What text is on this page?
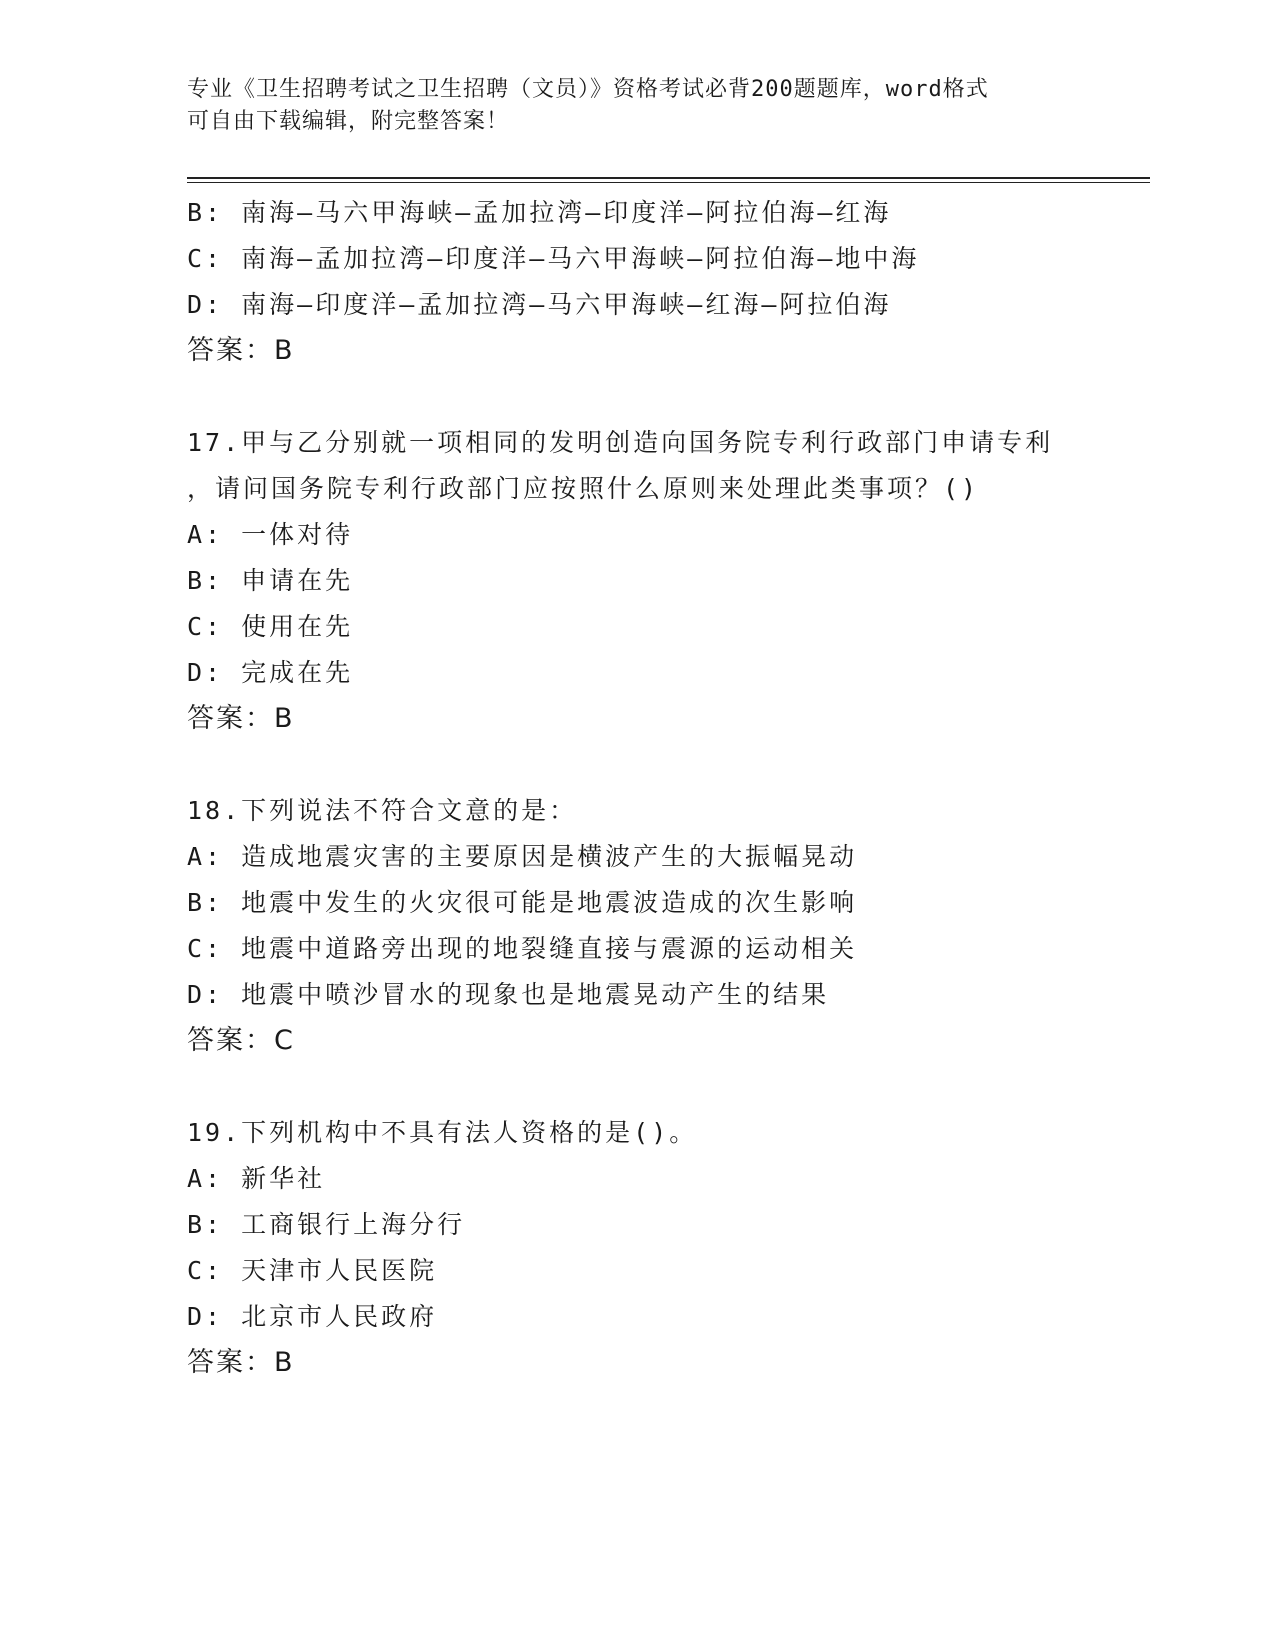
专业《卫生招聘考试之卫生招聘（文员）》资格考试必背200题题库，word格式
可自由下载编辑，附完整答案！
B: 南海—马六甲海峡—孟加拉湾—印度洋—阿拉伯海—红海
C: 南海—孟加拉湾—印度洋—马六甲海峡—阿拉伯海—地中海
D: 南海—印度洋—孟加拉湾—马六甲海峡—红海—阿拉伯海
答案：B
17.甲与乙分别就一项相同的发明创造向国务院专利行政部门申请专利
，请问国务院专利行政部门应按照什么原则来处理此类事项？()
A: 一体对待
B: 申请在先
C: 使用在先
D: 完成在先
答案：B
18.下列说法不符合文意的是：
A: 造成地震灾害的主要原因是横波产生的大振幅晃动
B: 地震中发生的火灾很可能是地震波造成的次生影响
C: 地震中道路旁出现的地裂缝直接与震源的运动相关
D: 地震中喷沙冒水的现象也是地震晃动产生的结果
答案：C
19.下列机构中不具有法人资格的是()。
A: 新华社
B: 工商银行上海分行
C: 天津市人民医院
D: 北京市人民政府
答案：B
